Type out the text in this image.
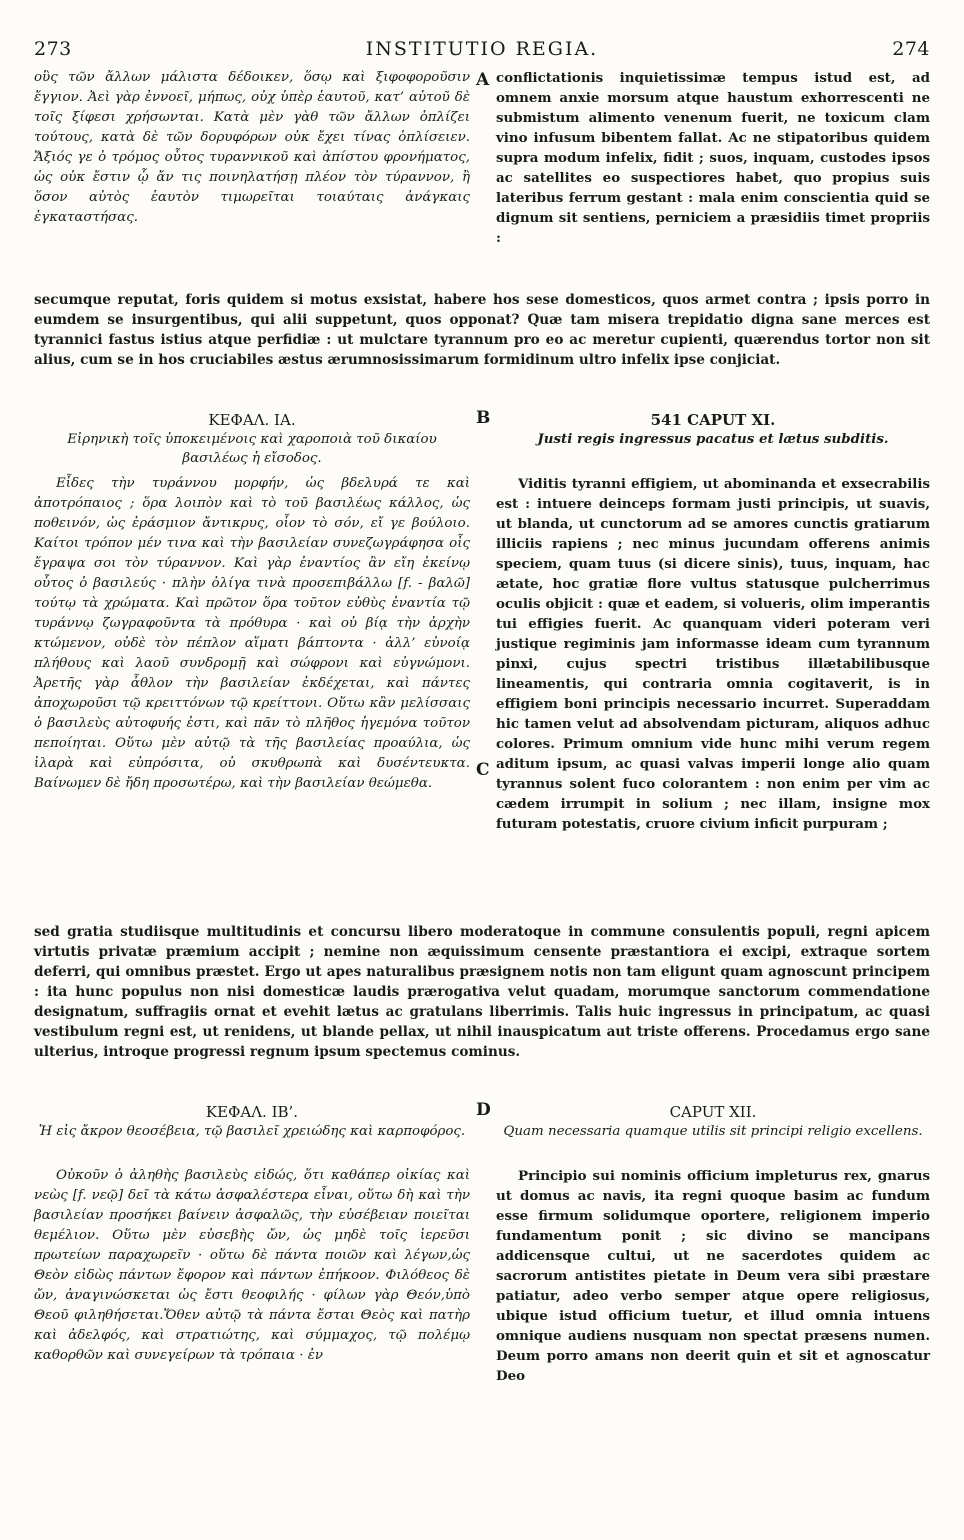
273	INSTITUTIO REGIA.	274

οὓς τῶν ἄλλων μάλιστα δέδοικεν, ὅσῳ καὶ ξιφοφοροῦσιν ἔγγιον. Ἀεὶ γὰρ ἐννοεῖ, μήπως, οὐχ ὑπὲρ ἑαυτοῦ, κατ’ αὐτοῦ δὲ τοῖς ξίφεσι χρήσωνται. Κατὰ μὲν γὰθ τῶν ἄλλων ὁπλίζει τούτους, κατὰ δὲ τῶν δορυφόρων οὐκ ἔχει τίνας ὁπλίσειεν. Ἄξιός γε ὁ τρόμος οὗτος τυραννικοῦ καὶ ἀπίστου φρονήματος, ὡς οὐκ ἔστιν ᾧ ἄν τις ποινηλατήσῃ πλέον τὸν τύραννον, ἢ ὅσον αὐτὸς ἑαυτὸν τιμωρεῖται τοιαύταις ἀνάγκαις ἐγκαταστήσας.

A conflictationis inquietissimæ tempus istud est, ad omnem anxie morsum atque haustum exhorrescenti ne submistum alimento venenum fuerit, ne toxicum clam vino infusum bibentem fallat. Ac ne stipatoribus quidem supra modum infelix, fidit ; suos, inquam, custodes ipsos ac satellites eo suspectiores habet, quo propius suis lateribus ferrum gestant : mala enim conscientia quid se dignum sit sentiens, perniciem a præsidiis timet propriis :

secumque reputat, foris quidem si motus exsistat, habere hos sese domesticos, quos armet contra ; ipsis porro in eumdem se insurgentibus, qui alii suppetunt, quos opponat? Quæ tam misera trepidatio digna sane merces est tyrannici fastus istius atque perfidiæ : ut mulctare tyrannum pro eo ac meretur cupienti, quærendus tortor non sit alius, cum se in hos cruciabiles æstus ærumnosissimarum formidinum ultro infelix ipse conjiciat.
ΚΕΦΑΛ. ΙΑ.
Εἰρηνικὴ τοῖς ὑποκειμένοις καὶ χαροποιὰ τοῦ δικαίου βασιλέως ἡ εἴσοδος.
B	541 CAPUT XI.
Justi regis ingressus pacatus et lætus subditis.

Εἶδες τὴν τυράννου μορφήν, ὡς βδελυρά τε καὶ ἀποτρόπαιος ; ὅρα λοιπὸν καὶ τὸ τοῦ βασιλέως κάλλος, ὡς ποθεινόν, ὡς ἐράσμιον ἄντικρυς, οἷον τὸ σόν, εἴ γε βούλοιο. Καίτοι τρόπον μέν τινα καὶ τὴν βασιλείαν συνεζωγράφησα οἷς ἔγραψα σοι τὸν τύραννον. Καὶ γὰρ ἐναντίος ἂν εἴη ἐκείνῳ οὗτος ὁ βασιλεύς · πλὴν ὀλίγα τινὰ προσεπιβάλλω [f. - βαλῶ] τούτῳ τὰ χρώματα. Καὶ πρῶτον ὅρα τοῦτον εὐθὺς ἐναντία τῷ τυράννῳ ζωγραφοῦντα τὰ πρόθυρα · καὶ οὐ βίᾳ τὴν ἀρχὴν κτώμενον, οὐδὲ τὸν πέπλον αἵματι βάπτοντα · ἀλλ’ εὐνοίᾳ πλήθους καὶ λαοῦ συνδρομῇ καὶ σώφρονι καὶ εὐγνώμονι. Ἀρετῆς γὰρ ἆθλον τὴν βασιλείαν ἐκδέχεται, καὶ πάντες ἀποχωροῦσι τῷ κρειττόνων τῷ κρείττονι. Οὕτω κἂν μελίσσαις ὁ βασιλεὺς αὐτοφυής ἐστι, καὶ πᾶν τὸ πλῆθος ἡγεμόνα τοῦτον πεποίηται. Οὕτω μὲν αὐτῷ τὰ τῆς βασιλείας προαύλια, ὡς ἱλαρὰ καὶ εὐπρόσιτα, οὐ σκυθρωπὰ καὶ δυσέντευκτα. Βαίνωμεν δὲ ἤδη προσωτέρω, καὶ τὴν βασιλείαν θεώμεθα.

C

Viditis tyranni effigiem, ut abominanda et exsecrabilis est : intuere deinceps formam justi principis, ut suavis, ut blanda, ut cunctorum ad se amores cunctis gratiarum illiciis rapiens ; nec minus jucundam offerens animis speciem, quam tuus (si dicere sinis), tuus, inquam, hac ætate, hoc gratiæ flore vultus statusque pulcherrimus oculis objicit : quæ et eadem, si volueris, olim imperantis tui effigies fuerit. Ac quanquam videri poteram veri justique regiminis jam informasse ideam cum tyrannum pinxi, cujus spectri tristibus illætabilibusque lineamentis, qui contraria omnia cogitaverit, is in effigiem boni principis necessario incurret. Superaddam hic tamen velut ad absolvendam picturam, aliquos adhuc colores. Primum omnium vide hunc mihi verum regem aditum ipsum, ac quasi valvas imperii longe alio quam tyrannus solent fuco colorantem : non enim per vim ac cædem irrumpit in solium ; nec illam, insigne mox futuram potestatis, cruore civium inficit purpuram ;

sed gratia studiisque multitudinis et concursu libero moderatoque in commune consulentis populi, regni apicem virtutis privatæ præmium accipit ; nemine non æquissimum censente præstantiora ei excipi, extraque sortem deferri, qui omnibus præstet. Ergo ut apes naturalibus præsignem notis non tam eligunt quam agnoscunt principem : ita hunc populus non nisi domesticæ laudis prærogativa velut quadam, morumque sanctorum commendatione designatum, suffragiis ornat et evehit lætus ac gratulans liberrimis. Talis huic ingressus in principatum, ac quasi vestibulum regni est, ut renidens, ut blande pellax, ut nihil inauspicatum aut triste offerens. Procedamus ergo sane ulterius, introque progressi regnum ipsum spectemus cominus.
ΚΕΦΑΛ. ΙΒ’.
Ἡ εἰς ἄκρον θεοσέβεια, τῷ βασιλεῖ χρειώδης καὶ καρποφόρος.
D	CAPUT XII.
Quam necessaria quamque utilis sit principi religio excellens.

Οὐκοῦν ὁ ἀληθὴς βασιλεὺς εἰδώς, ὅτι καθάπερ οἰκίας καὶ νεὼς [f. νεῷ] δεῖ τὰ κάτω ἀσφαλέστερα εἶναι, οὕτω δὴ καὶ τὴν βασιλείαν προσήκει βαίνειν ἀσφαλῶς, τὴν εὐσέβειαν ποιεῖται θεμέλιον. Οὕτω μὲν εὐσεβὴς ὤν, ὡς μηδὲ τοῖς ἱερεῦσι πρωτείων παραχωρεῖν · οὕτω δὲ πάντα ποιῶν καὶ λέγων,ὡς Θεὸν εἰδὼς πάντων ἔφορον καὶ πάντων ἐπήκοον. Φιλόθεος δὲ ὤν, ἀναγινώσκεται ὡς ἔστι θεοφιλής · φίλων γὰρ Θεόν,ὑπὸ Θεοῦ φιληθήσεται.Ὅθεν αὐτῷ τὰ πάντα ἔσται Θεὸς καὶ πατὴρ καὶ ἀδελφός, καὶ στρατιώτης, καὶ σύμμαχος, τῷ πολέμῳ καθορθῶν καὶ συνεγείρων τὰ τρόπαια · ἐν

Principio sui nominis officium impleturus rex, gnarus ut domus ac navis, ita regni quoque basim ac fundum esse firmum solidumque oportere, religionem imperio fundamentum ponit ; sic divino se mancipans addicensque cultui, ut ne sacerdotes quidem ac sacrorum antistites pietate in Deum vera sibi præstare patiatur, adeo verbo semper atque opere religiosus, ubique istud officium tuetur, et illud omnia intuens omnique audiens nusquam non spectat præsens numen. Deum porro amans non deerit quin et sit et agnoscatur Deo
